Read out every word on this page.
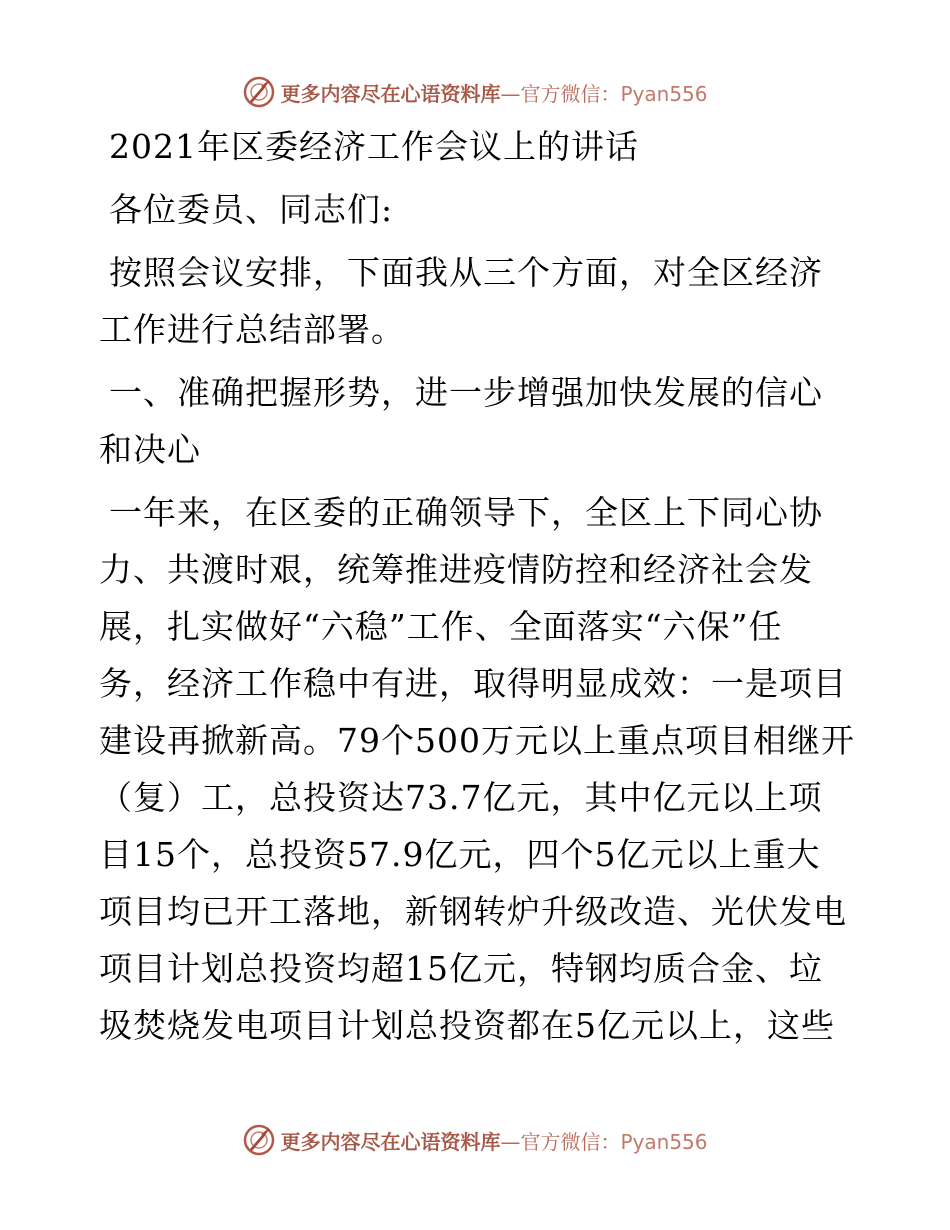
更多内容尽在心语资料库—官方微信：Pyan556
2021年区委经济工作会议上的讲话
各位委员、同志们:
按照会议安排，下面我从三个方面，对全区经济
工作进行总结部署。
一、准确把握形势，进一步增强加快发展的信心
和决心
一年来，在区委的正确领导下，全区上下同心协
力、共渡时艰，统筹推进疫情防控和经济社会发
展，扎实做好“六稳”工作、全面落实“六保”任
务，经济工作稳中有进，取得明显成效：一是项目
建设再掀新高。79个500万元以上重点项目相继开
（复）工，总投资达73.7亿元，其中亿元以上项
目15个，总投资57.9亿元，四个5亿元以上重大
项目均已开工落地，新钢转炉升级改造、光伏发电
项目计划总投资均超15亿元，特钢均质合金、垃
圾焚烧发电项目计划总投资都在5亿元以上，这些
更多内容尽在心语资料库—官方微信：Pyan556
